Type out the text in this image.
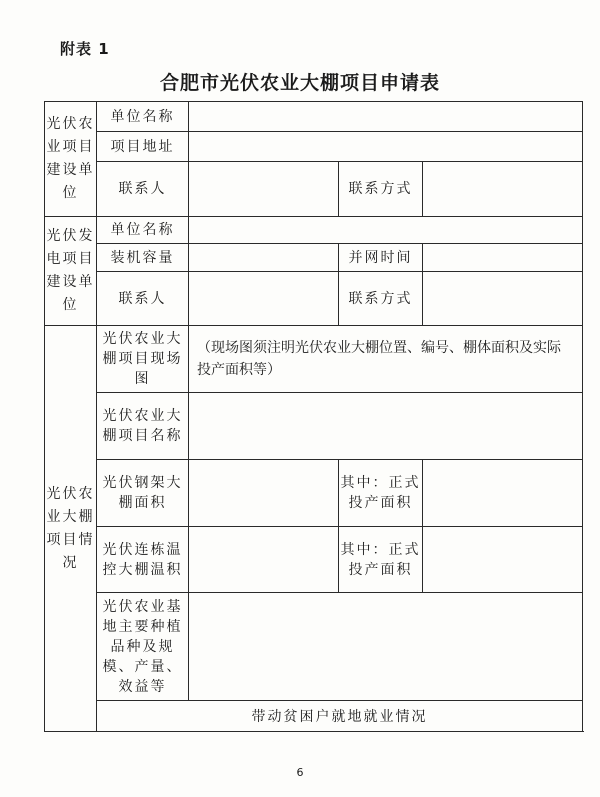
附表 1
合肥市光伏农业大棚项目申请表
光伏农业项目建设单位	单位名称			
	项目地址			
	联系人		联系方式	
光伏发电项目建设单位	单位名称			
	装机容量		并网时间	
	联系人		联系方式	
光伏农业大棚项目情况	光伏农业大棚项目现场图	（现场图须注明光伏农业大棚位置、编号、棚体面积及实际投产面积等）		
	光伏农业大棚项目名称			
	光伏钢架大棚面积		其中：正式投产面积	
	光伏连栋温控大棚温积		其中：正式投产面积	
	光伏农业基地主要种植品种及规模、产量、效益等			
	带动贫困户就地就业情况			
6
